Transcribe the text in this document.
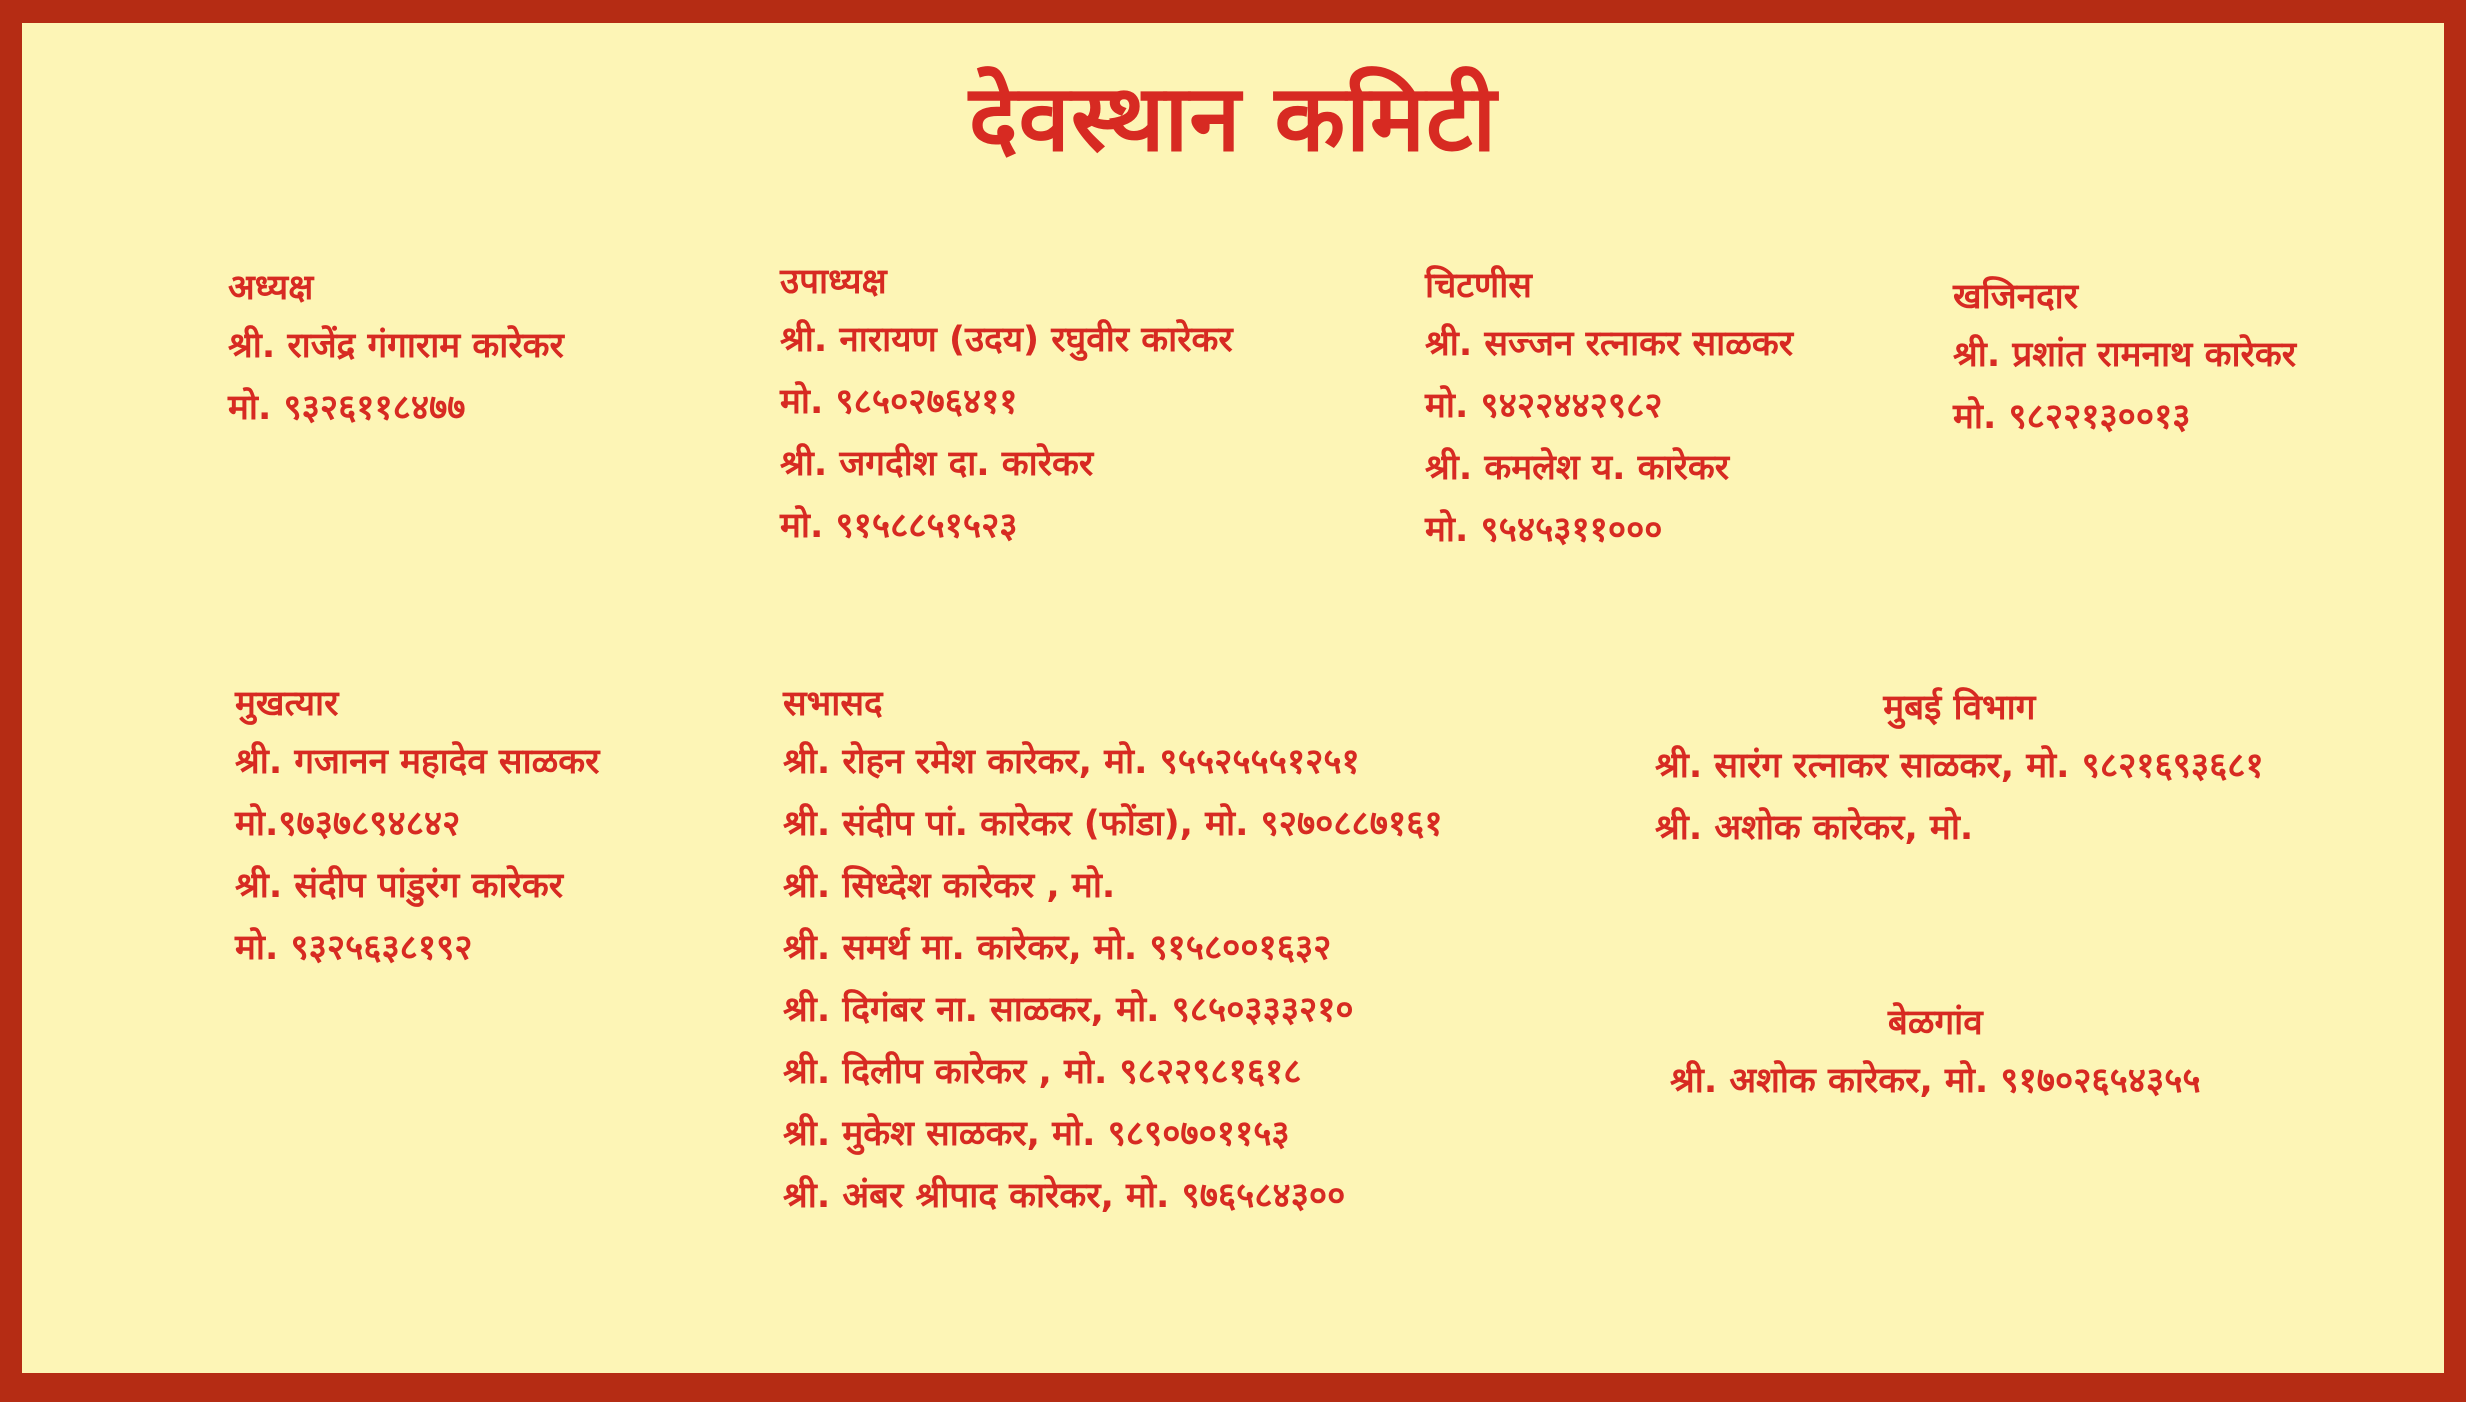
देवस्थान कमिटी
अध्यक्ष
श्री. राजेंद्र गंगाराम कारेकर
मो. ९३२६११८४७७
उपाध्यक्ष
श्री. नारायण (उदय) रघुवीर कारेकर
मो. ९८५०२७६४११
श्री. जगदीश दा. कारेकर
मो. ९१५८८५१५२३
चिटणीस
श्री. सज्जन रत्नाकर साळकर
मो. ९४२२४४२९८२
श्री. कमलेश य. कारेकर
मो. ९५४५३११०००
खजिनदार
श्री. प्रशांत रामनाथ कारेकर
मो. ९८२२१३००१३
मुखत्यार
श्री. गजानन महादेव साळकर
मो.९७३७८९४८४२
श्री. संदीप पांडुरंग कारेकर
मो. ९३२५६३८१९२
सभासद
श्री. रोहन रमेश कारेकर, मो. ९५५२५५५१२५१
श्री. संदीप पां. कारेकर (फोंडा), मो. ९२७०८८७१६१
श्री. सिध्देश कारेकर , मो.
श्री. समर्थ मा. कारेकर, मो. ९१५८००१६३२
श्री. दिगंबर ना. साळकर, मो. ९८५०३३३२१०
श्री. दिलीप कारेकर , मो. ९८२२९८१६१८
श्री. मुकेश साळकर, मो. ९८९०७०११५३
श्री. अंबर श्रीपाद कारेकर, मो. ९७६५८४३००
मुबई विभाग
श्री. सारंग रत्नाकर साळकर, मो. ९८२१६९३६८१
श्री. अशोक कारेकर, मो.
बेळगांव
श्री. अशोक कारेकर, मो. ९१७०२६५४३५५
